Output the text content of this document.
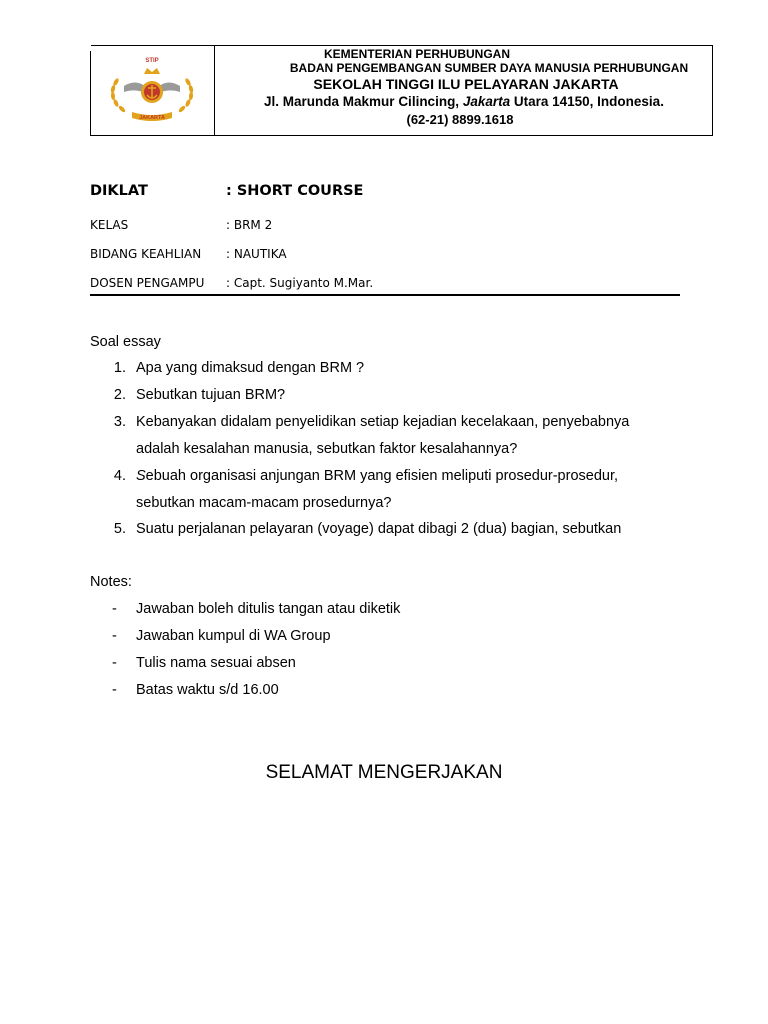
STIP
JAKARTA
KEMENTERIAN PERHUBUNGAN
BADAN PENGEMBANGAN SUMBER DAYA MANUSIA PERHUBUNGAN
SEKOLAH TINGGI ILU PELAYARAN JAKARTA
Jl. Marunda Makmur Cilincing, Jakarta Utara 14150, Indonesia.
(62-21) 8899.1618
DIKLAT	: SHORT COURSE
KELAS	: BRM 2
BIDANG KEAHLIAN : NAUTIKA
DOSEN PENGAMPU : Capt. Sugiyanto M.Mar.
Soal essay
1. Apa yang dimaksud dengan BRM ?
2. Sebutkan tujuan BRM?
3. Kebanyakan didalam penyelidikan setiap kejadian kecelakaan, penyebabnya
adalah kesalahan manusia, sebutkan faktor kesalahannya?
4. Sebuah organisasi anjungan BRM yang efisien meliputi prosedur-prosedur,
sebutkan macam-macam prosedurnya?
5. Suatu perjalanan pelayaran (voyage) dapat dibagi 2 (dua) bagian, sebutkan
Notes:
- Jawaban boleh ditulis tangan atau diketik
- Jawaban kumpul di WA Group
- Tulis nama sesuai absen
- Batas waktu s/d 16.00
SELAMAT MENGERJAKAN
